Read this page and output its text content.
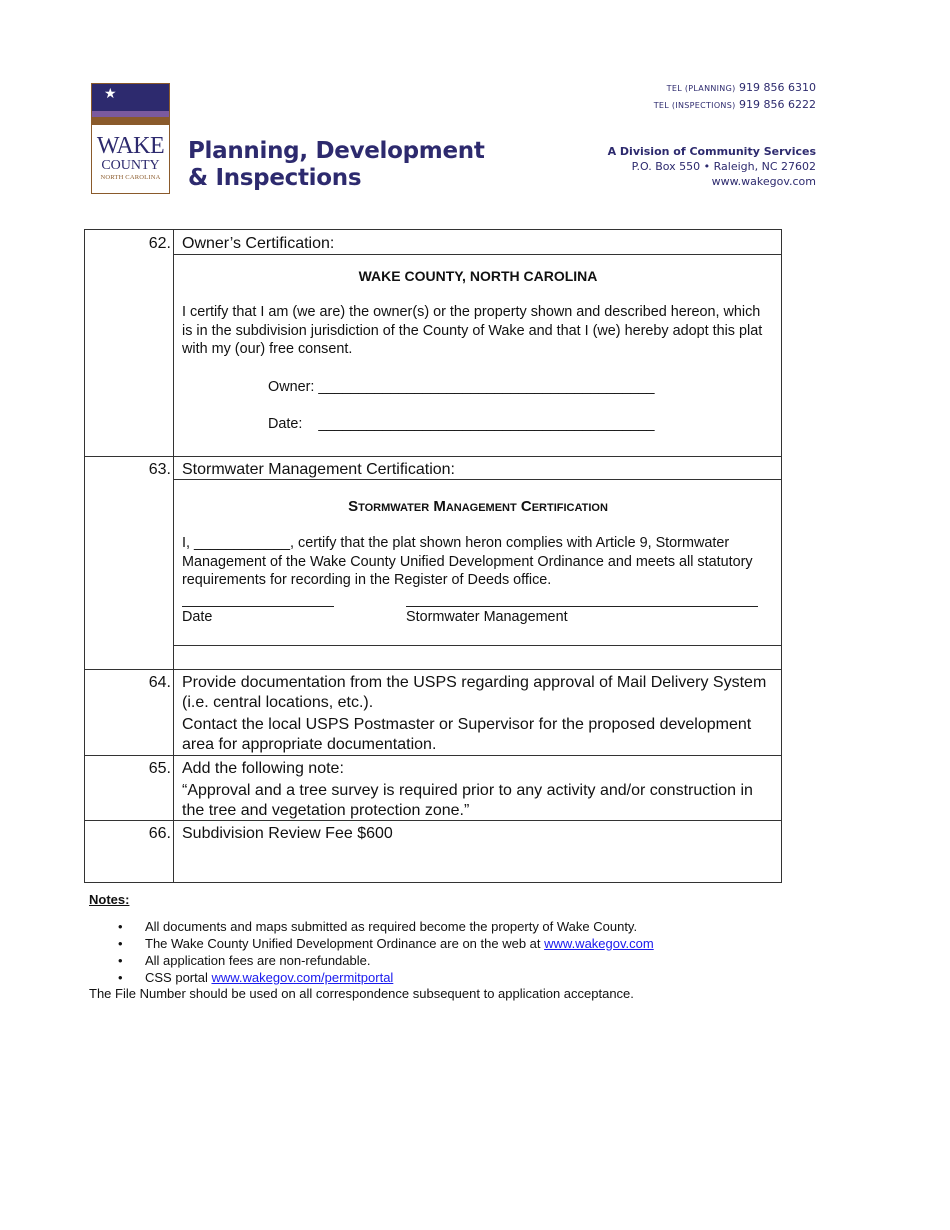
★
WAKE
COUNTY
NORTH CAROLINA
Planning, Development
& Inspections
TEL (PLANNING) 919 856 6310
TEL (INSPECTIONS) 919 856 6222
A Division of Community Services
P.O. Box 550 • Raleigh, NC 27602
www.wakegov.com
62. Owner’s Certification:
WAKE COUNTY, NORTH CAROLINA
I certify that I am (we are) the owner(s) or the property shown and described hereon, which is in the subdivision jurisdiction of the County of Wake and that I (we) hereby adopt this plat with my (our) free consent.
Owner: __________________________________________
Date: __________________________________________
63. Stormwater Management Certification:
Stormwater Management Certification
I, ____________, certify that the plat shown heron complies with Article 9, Stormwater Management of the Wake County Unified Development Ordinance and meets all statutory requirements for recording in the Register of Deeds office.
Date	Stormwater Management
64. Provide documentation from the USPS regarding approval of Mail Delivery System (i.e. central locations, etc.).
Contact the local USPS Postmaster or Supervisor for the proposed development area for appropriate documentation.
65. Add the following note:
“Approval and a tree survey is required prior to any activity and/or construction in the tree and vegetation protection zone.”
66. Subdivision Review Fee $600
Notes:
• All documents and maps submitted as required become the property of Wake County.
• The Wake County Unified Development Ordinance are on the web at www.wakegov.com
• All application fees are non-refundable.
• CSS portal www.wakegov.com/permitportal
The File Number should be used on all correspondence subsequent to application acceptance.
